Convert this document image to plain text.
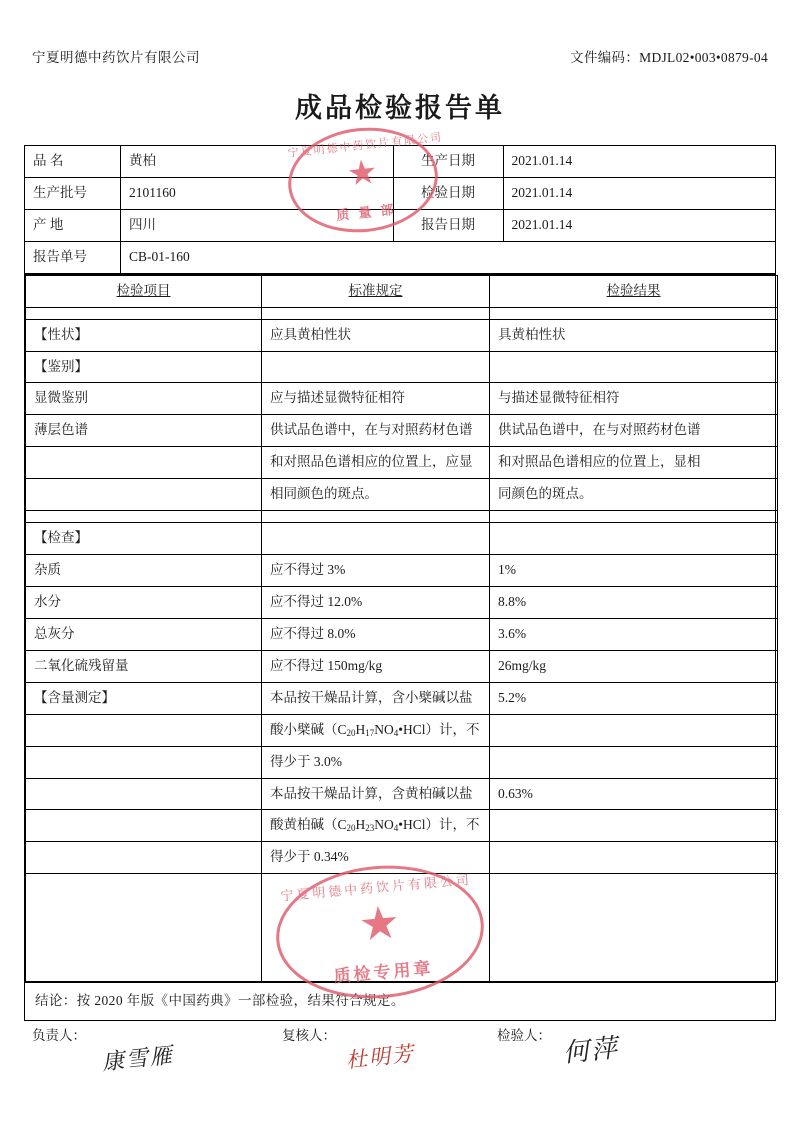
宁夏明德中药饮片有限公司	文件编码：MDJL02•003•0879-04
成品检验报告单
品 名	黄柏	生产日期	2021.01.14
生产批号	2101160	检验日期	2021.01.14
产 地	四川	报告日期	2021.01.14
报告单号	CB-01-160		
检验项目	标准规定	检验结果

【性状】	应具黄柏性状	具黄柏性状
【鉴别】		
显微鉴别	应与描述显微特征相符	与描述显微特征相符
薄层色谱	供试品色谱中，在与对照药材色谱	供试品色谱中，在与对照药材色谱
	和对照品色谱相应的位置上，应显	和对照品色谱相应的位置上，显相
	相同颜色的斑点。	同颜色的斑点。

【检查】		
杂质	应不得过 3%	1%
水分	应不得过 12.0%	8.8%
总灰分	应不得过 8.0%	3.6%
二氧化硫残留量	应不得过 150mg/kg	26mg/kg
【含量测定】	本品按干燥品计算，含小檗碱以盐	5.2%
	酸小檗碱$(C_{20}H_{17}NO_4•HCl)$计，不	
	得少于 3.0%	
	本品按干燥品计算，含黄柏碱以盐	0.63%
	酸黄柏碱$(C_{20}H_{23}NO_4•HCl)$计，不	
	得少于 0.34%	

结论：按 2020 年版《中国药典》一部检验，结果符合规定。
负责人：
康雪雁
	复核人：
杜明芳
	检验人： 何萍
宁夏明德中药饮片有限公司
★
质 量 部
宁夏明德中药饮片有限公司
★
质检专用章
